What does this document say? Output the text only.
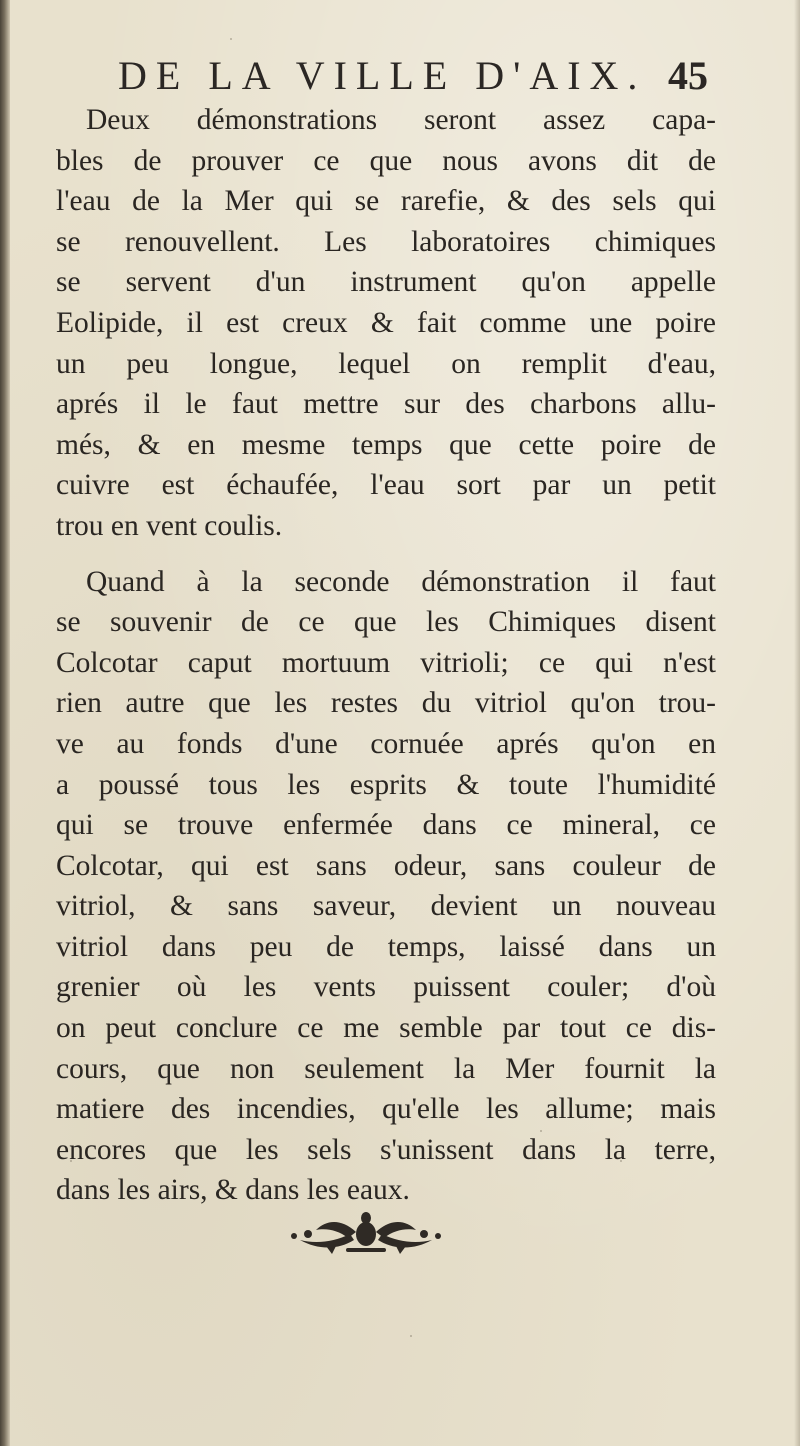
DE LA VILLE D'AIX. 45
Deux démonstrations seront assez capa-
bles de prouver ce que nous avons dit de
l'eau de la Mer qui se rarefie, & des sels qui
se renouvellent. Les laboratoires chimiques
se servent d'un instrument qu'on appelle
Eolipide, il est creux & fait comme une poire
un peu longue, lequel on remplit d'eau,
aprés il le faut mettre sur des charbons allu-
més, & en mesme temps que cette poire de
cuivre est échaufée, l'eau sort par un petit
trou en vent coulis.
Quand à la seconde démonstration il faut
se souvenir de ce que les Chimiques disent
Colcotar caput mortuum vitrioli; ce qui n'est
rien autre que les restes du vitriol qu'on trou-
ve au fonds d'une cornuée aprés qu'on en
a poussé tous les esprits & toute l'humidité
qui se trouve enfermée dans ce mineral, ce
Colcotar, qui est sans odeur, sans couleur de
vitriol, & sans saveur, devient un nouveau
vitriol dans peu de temps, laissé dans un
grenier où les vents puissent couler; d'où
on peut conclure ce me semble par tout ce dis-
cours, que non seulement la Mer fournit la
matiere des incendies, qu'elle les allume; mais
encores que les sels s'unissent dans la terre,
dans les airs, & dans les eaux.
